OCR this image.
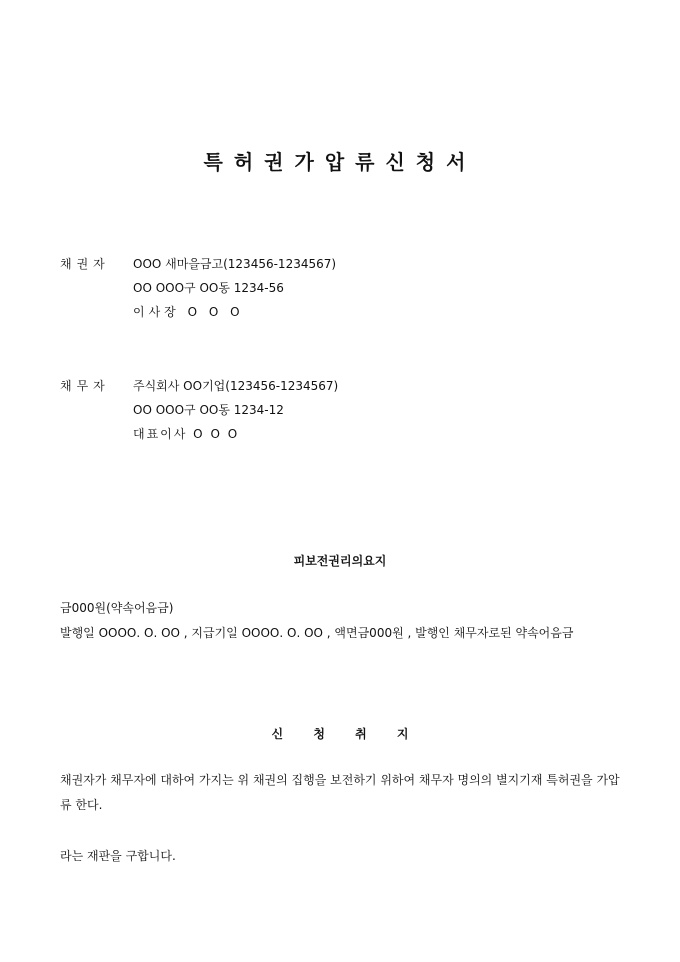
특허권가압류신청서
채권자	ΟΟΟ 새마을금고(123456-1234567)
ΟΟ ΟΟΟ구 ΟΟ동 1234-56
이사장 Ο Ο Ο
채무자	주식회사 ΟΟ기업(123456-1234567)
ΟΟ ΟΟΟ구 ΟΟ동 1234-12
대표이사 Ο Ο Ο
피보전권리의요지
금000원(약속어음금)
발행일 ΟΟΟΟ. Ο. ΟΟ , 지급기일 ΟΟΟΟ. Ο. ΟΟ , 액면금000원 , 발행인 채무자로된 약속어음금
신 청 취 지
채권자가 채무자에 대하여 가지는 위 채권의 집행을 보전하기 위하여 채무자 명의의 별지기재 특허권을 가압류 한다.
라는 재판을 구합니다.
